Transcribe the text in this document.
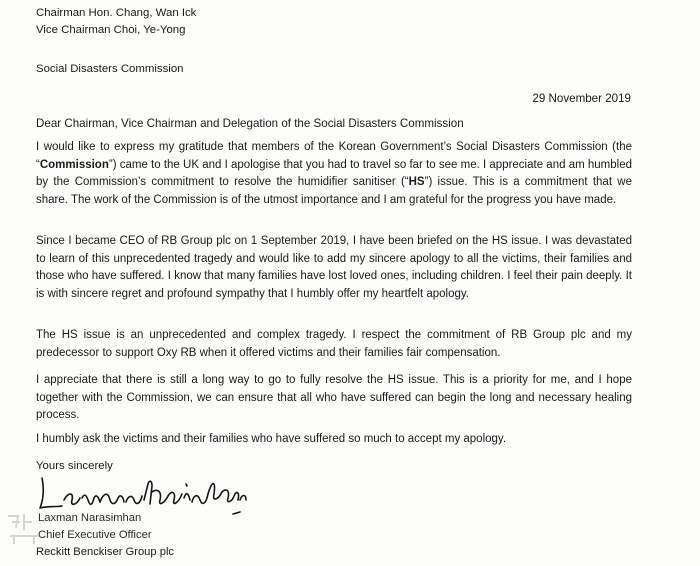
Chairman Hon. Chang, Wan Ick
Vice Chairman Choi, Ye-Yong
Social Disasters Commission
29 November 2019
Dear Chairman, Vice Chairman and Delegation of the Social Disasters Commission

I would like to express my gratitude that members of the Korean Government’s Social Disasters Commission (the “Commission”) came to the UK and I apologise that you had to travel so far to see me. I appreciate and am humbled by the Commission’s commitment to resolve the humidifier sanitiser (“HS”) issue. This is a commitment that we share. The work of the Commission is of the utmost importance and I am grateful for the progress you have made.

Since I became CEO of RB Group plc on 1 September 2019, I have been briefed on the HS issue. I was devastated to learn of this unprecedented tragedy and would like to add my sincere apology to all the victims, their families and those who have suffered. I know that many families have lost loved ones, including children. I feel their pain deeply. It is with sincere regret and profound sympathy that I humbly offer my heartfelt apology.

The HS issue is an unprecedented and complex tragedy. I respect the commitment of RB Group plc and my predecessor to support Oxy RB when it offered victims and their families fair compensation.

I appreciate that there is still a long way to go to fully resolve the HS issue. This is a priority for me, and I hope together with the Commission, we can ensure that all who have suffered can begin the long and necessary healing process.

I humbly ask the victims and their families who have suffered so much to accept my apology.

Yours sincerely
Laxman Narasimhan
Chief Executive Officer
Reckitt Benckiser Group plc
